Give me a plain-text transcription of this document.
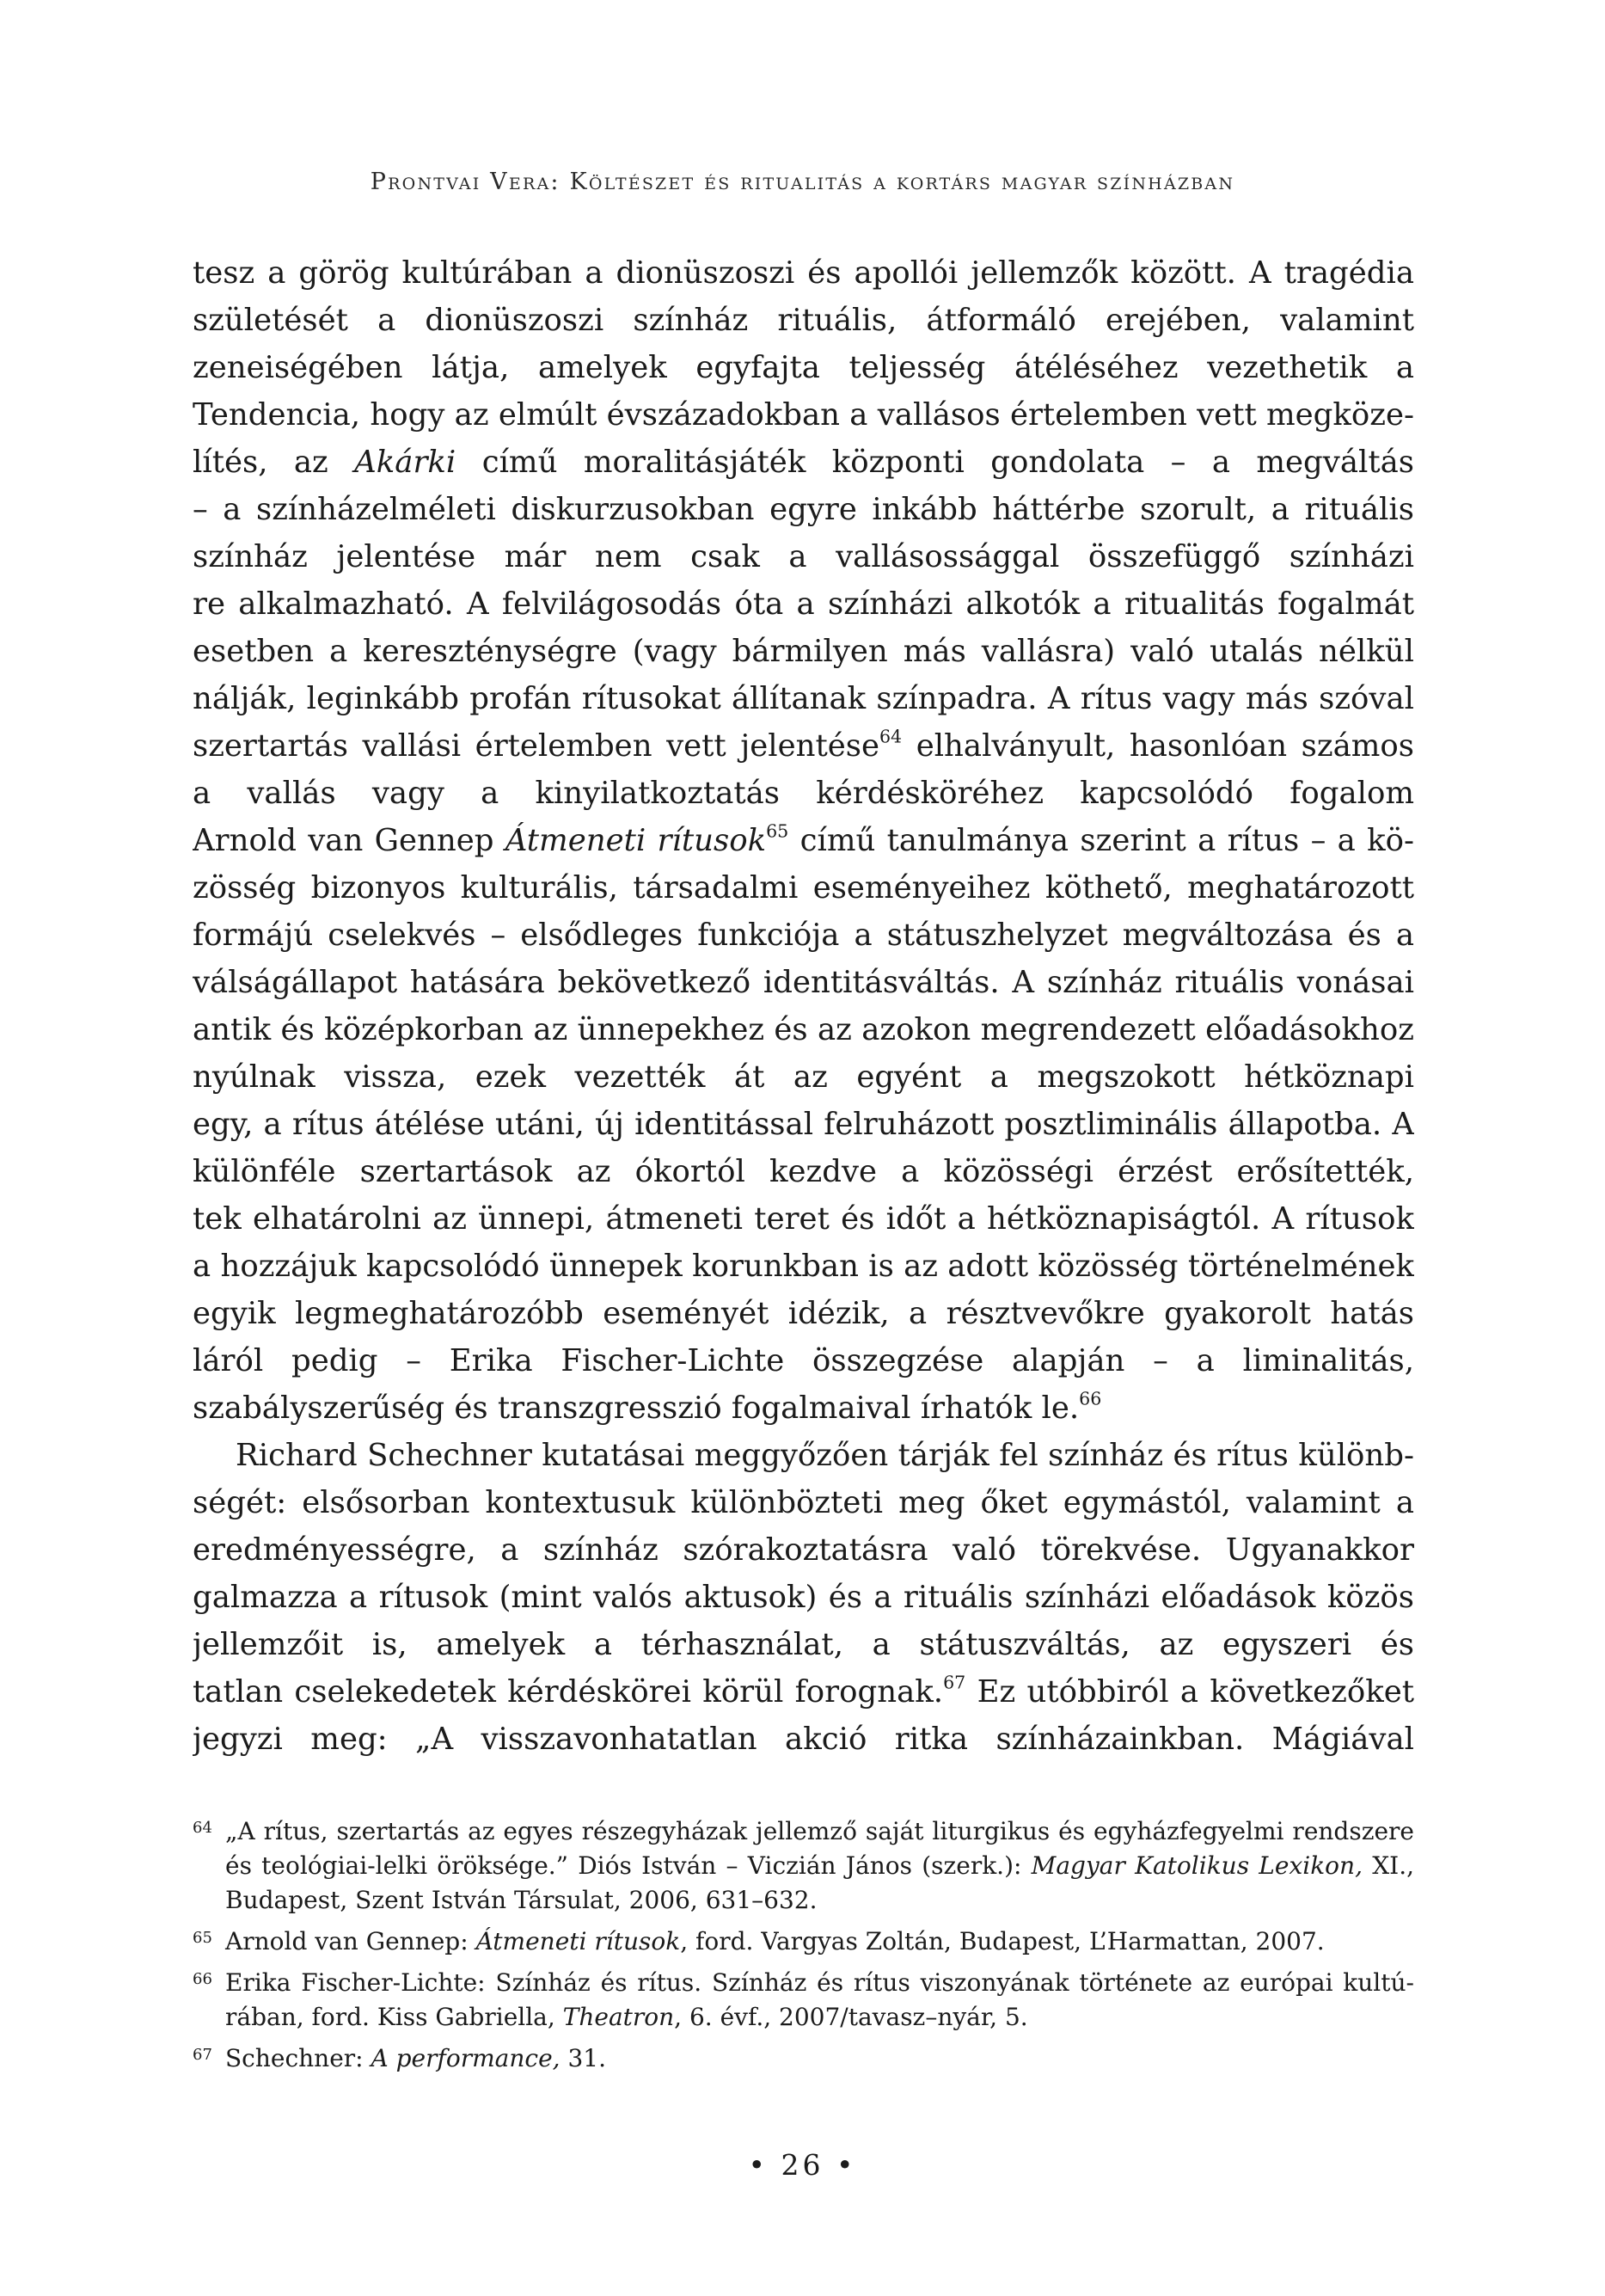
Prontvai Vera: Költészet és ritualitás a kortárs magyar színházban
tesz a görög kultúrában a dionüszoszi és apollói jellemzők között. A tragédia
születését a dionüszoszi színház rituális, átformáló erejében, valamint
zeneiségében látja, amelyek egyfajta teljesség átéléséhez vezethetik a
Tendencia, hogy az elmúlt évszázadokban a vallásos értelemben vett megköze-
lítés, az Akárki című moralitásjáték központi gondolata – a megváltás
– a színházelméleti diskurzusokban egyre inkább háttérbe szorult, a rituális
színház jelentése már nem csak a vallásossággal összefüggő színházi
re alkalmazható. A felvilágosodás óta a színházi alkotók a ritualitás fogalmát
esetben a kereszténységre (vagy bármilyen más vallásra) való utalás nélkül
nálják, leginkább profán rítusokat állítanak színpadra. A rítus vagy más szóval
szertartás vallási értelemben vett jelentése$^{64}$ elhalványult, hasonlóan számos
a vallás vagy a kinyilatkoztatás kérdésköréhez kapcsolódó fogalom
Arnold van Gennep Átmeneti rítusok$^{65}$ című tanulmánya szerint a rítus – a kö-
zösség bizonyos kulturális, társadalmi eseményeihez köthető, meghatározott
formájú cselekvés – elsődleges funkciója a státuszhelyzet megváltozása és a
válságállapot hatására bekövetkező identitásváltás. A színház rituális vonásai
antik és középkorban az ünnepekhez és az azokon megrendezett előadásokhoz
nyúlnak vissza, ezek vezették át az egyént a megszokott hétköznapi
egy, a rítus átélése utáni, új identitással felruházott posztliminális állapotba. A
különféle szertartások az ókortól kezdve a közösségi érzést erősítették,
tek elhatárolni az ünnepi, átmeneti teret és időt a hétköznapiságtól. A rítusok
a hozzájuk kapcsolódó ünnepek korunkban is az adott közösség történelmének
egyik legmeghatározóbb eseményét idézik, a résztvevőkre gyakorolt hatás
láról pedig – Erika Fischer-Lichte összegzése alapján – a liminalitás,
szabályszerűség és transzgresszió fogalmaival írhatók le.$^{66}$
Richard Schechner kutatásai meggyőzően tárják fel színház és rítus különb-
ségét: elsősorban kontextusuk különbözteti meg őket egymástól, valamint a
eredményességre, a színház szórakoztatásra való törekvése. Ugyanakkor
galmazza a rítusok (mint valós aktusok) és a rituális színházi előadások közös
jellemzőit is, amelyek a térhasználat, a státuszváltás, az egyszeri és
tatlan cselekedetek kérdéskörei körül forognak.$^{67}$ Ez utóbbiról a következőket
jegyzi meg: „A visszavonhatatlan akció ritka színházainkban. Mágiával
64 „A rítus, szertartás az egyes részegyházak jellemző saját liturgikus és egyházfegyelmi rendszere
és teológiai-lelki öröksége.” Diós István – Viczián János (szerk.): Magyar Katolikus Lexikon, XI.,
Budapest, Szent István Társulat, 2006, 631–632.
65 Arnold van Gennep: Átmeneti rítusok, ford. Vargyas Zoltán, Budapest, L’Harmattan, 2007.
66 Erika Fischer-Lichte: Színház és rítus. Színház és rítus viszonyának története az európai kultú-
rában, ford. Kiss Gabriella, Theatron, 6. évf., 2007/tavasz–nyár, 5.
67 Schechner: A performance, 31.
• 26 •
